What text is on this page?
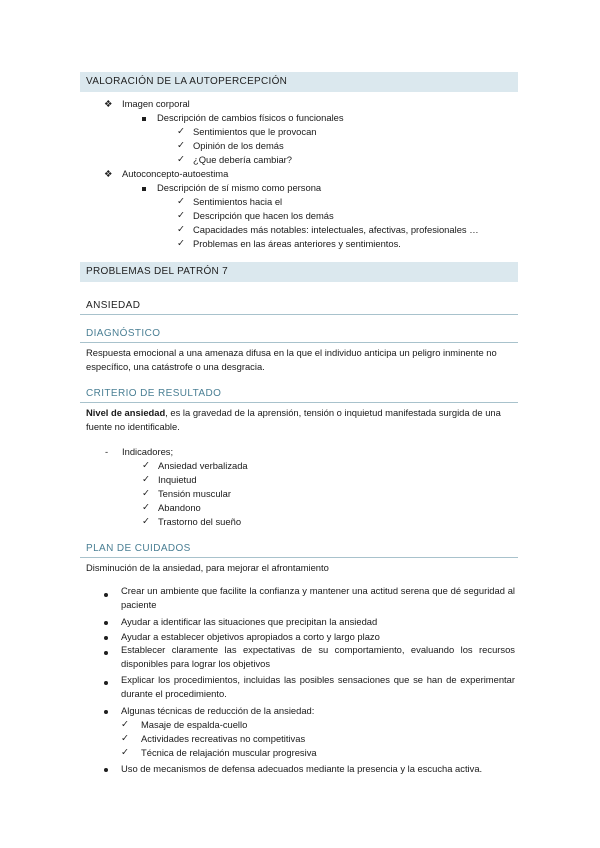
VALORACIÓN DE LA AUTOPERCEPCIÓN
❖ Imagen corporal
Descripción de cambios físicos o funcionales
✓ Sentimientos que le provocan
✓ Opinión de los demás
✓ ¿Que debería cambiar?
❖ Autoconcepto-autoestima
Descripción de sí mismo como persona
✓ Sentimientos hacia el
✓ Descripción que hacen los demás
✓ Capacidades más notables: intelectuales, afectivas, profesionales …
✓ Problemas en las áreas anteriores y sentimientos.
PROBLEMAS DEL PATRÓN 7
ANSIEDAD
DIAGNÓSTICO
Respuesta emocional a una amenaza difusa en la que el individuo anticipa un peligro inminente no específico, una catástrofe o una desgracia.
CRITERIO DE RESULTADO
Nivel de ansiedad, es la gravedad de la aprensión, tensión o inquietud manifestada surgida de una fuente no identificable.
- Indicadores;
✓ Ansiedad verbalizada
✓ Inquietud
✓ Tensión muscular
✓ Abandono
✓ Trastorno del sueño
PLAN DE CUIDADOS
Disminución de la ansiedad, para mejorar el afrontamiento
Crear un ambiente que facilite la confianza y mantener una actitud serena que dé seguridad al paciente
Ayudar a identificar las situaciones que precipitan la ansiedad
Ayudar a establecer objetivos apropiados a corto y largo plazo
Establecer claramente las expectativas de su comportamiento, evaluando los recursos disponibles para lograr los objetivos
Explicar los procedimientos, incluidas las posibles sensaciones que se han de experimentar durante el procedimiento.
Algunas técnicas de reducción de la ansiedad:
✓ Masaje de espalda-cuello
✓ Actividades recreativas no competitivas
✓ Técnica de relajación muscular progresiva
Uso de mecanismos de defensa adecuados mediante la presencia y la escucha activa.
